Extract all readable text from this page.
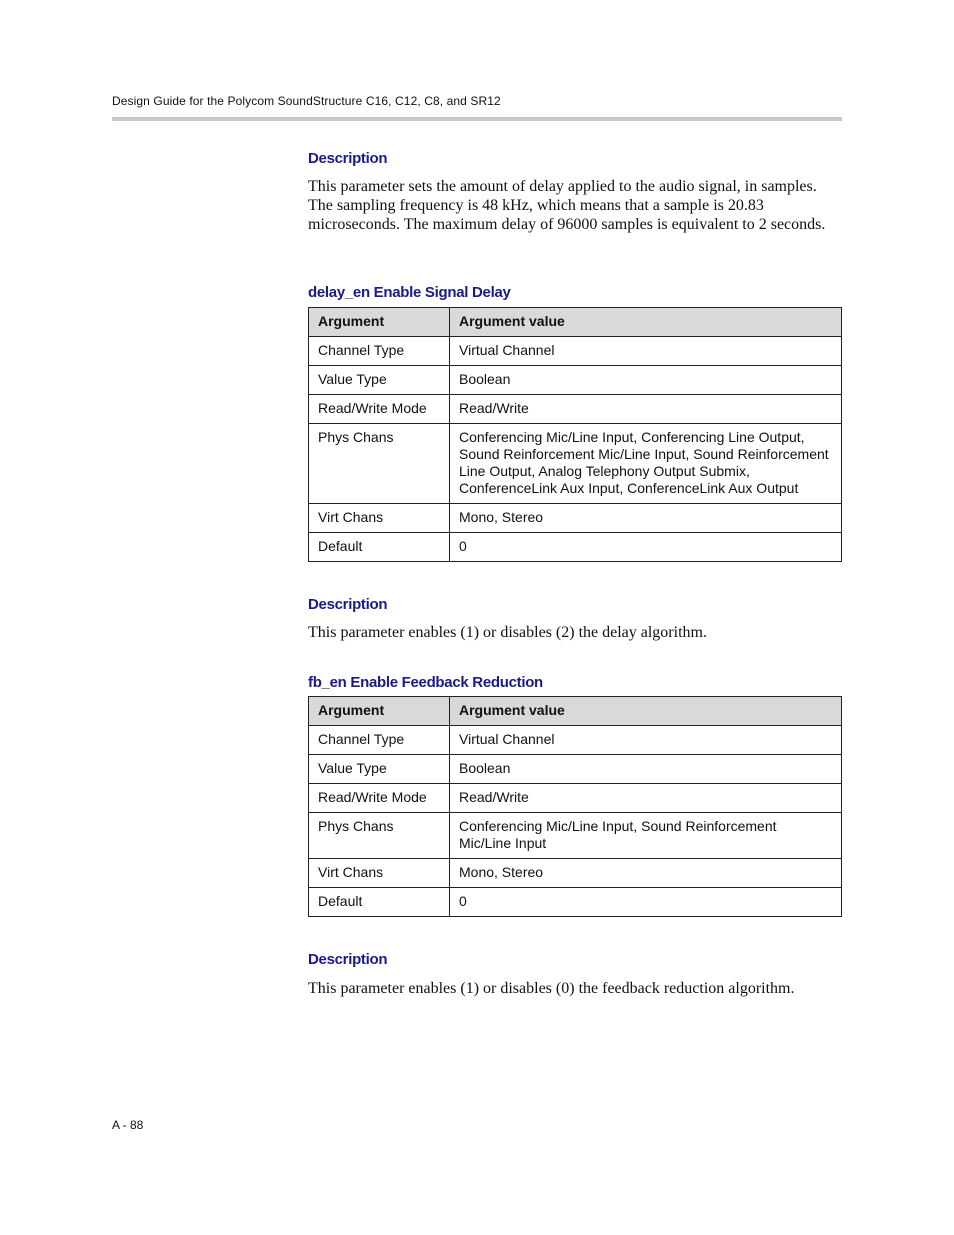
Design Guide for the Polycom SoundStructure C16, C12, C8, and SR12
Description

This parameter sets the amount of delay applied to the audio signal, in samples. The sampling frequency is 48 kHz, which means that a sample is 20.83 microseconds. The maximum delay of 96000 samples is equivalent to 2 seconds.

delay_en Enable Signal Delay
Argument	Argument value
Channel Type	Virtual Channel
Value Type	Boolean
Read/Write Mode	Read/Write
Phys Chans	Conferencing Mic/Line Input, Conferencing Line Output, Sound Reinforcement Mic/Line Input, Sound Reinforcement Line Output, Analog Telephony Output Submix, ConferenceLink Aux Input, ConferenceLink Aux Output
Virt Chans	Mono, Stereo
Default	0
Description

This parameter enables (1) or disables (2) the delay algorithm.

fb_en Enable Feedback Reduction
Argument	Argument value
Channel Type	Virtual Channel
Value Type	Boolean
Read/Write Mode	Read/Write
Phys Chans	Conferencing Mic/Line Input, Sound Reinforcement Mic/Line Input
Virt Chans	Mono, Stereo
Default	0
Description

This parameter enables (1) or disables (0) the feedback reduction algorithm.

A - 88
